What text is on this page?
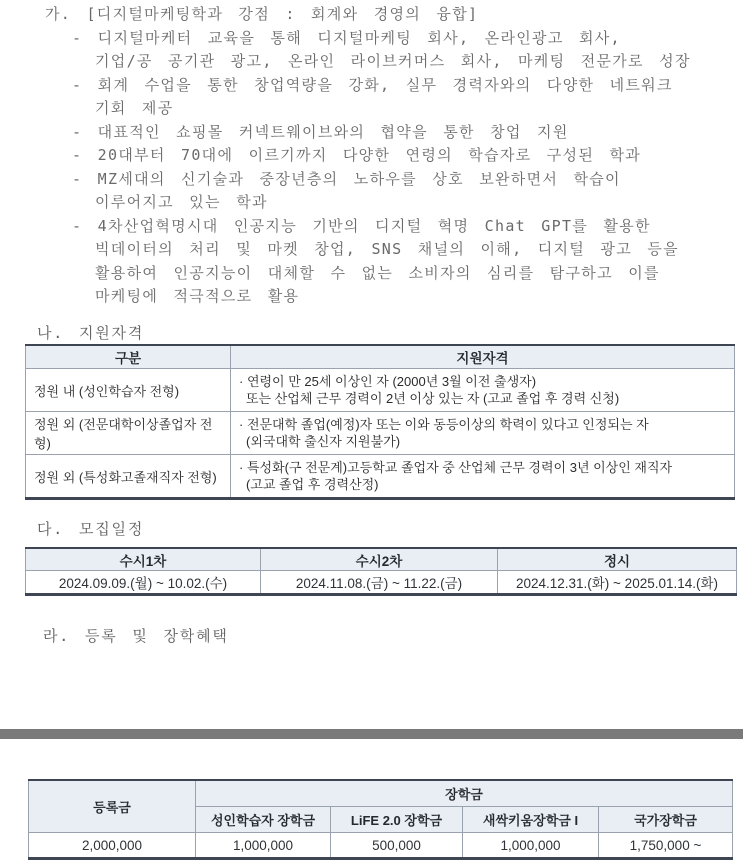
가. [디지털마케팅학과 강점 : 회계와 경영의 융합]
- 디지털마케터 교육을 통해 디지털마케팅 회사, 온라인광고 회사,
기업/공 공기관 광고, 온라인 라이브커머스 회사, 마케팅 전문가로 성장
- 회계 수업을 통한 창업역량을 강화, 실무 경력자와의 다양한 네트워크
기회 제공
- 대표적인 쇼핑몰 커넥트웨이브와의 협약을 통한 창업 지원
- 20대부터 70대에 이르기까지 다양한 연령의 학습자로 구성된 학과
- MZ세대의 신기술과 중장년층의 노하우를 상호 보완하면서 학습이
이루어지고 있는 학과
- 4차산업혁명시대 인공지능 기반의 디지털 혁명 Chat GPT를 활용한
빅데이터의 처리 및 마켓 창업, SNS 채널의 이해, 디지털 광고 등을
활용하여 인공지능이 대체할 수 없는 소비자의 심리를 탐구하고 이를
마케팅에 적극적으로 활용
나. 지원자격
구분	지원자격
정원 내 (성인학습자 전형)	· 연령이 만 25세 이상인 자 (2000년 3월 이전 출생자)
또는 산업체 근무 경력이 2년 이상 있는 자 (고교 졸업 후 경력 신청)

정원 외 (전문대학이상졸업자 전형)	· 전문대학 졸업(예정)자 또는 이와 동등이상의 학력이 있다고 인정되는 자
(외국대학 출신자 지원불가)

정원 외 (특성화고졸재직자 전형)	· 특성화(구 전문계)고등학교 졸업자 중 산업체 근무 경력이 3년 이상인 재직자
(고교 졸업 후 경력산정)
다. 모집일정
수시1차	수시2차	정시
2024.09.09.(월) ~ 10.02.(수)	2024.11.08.(금) ~ 11.22.(금)	2024.12.31.(화) ~ 2025.01.14.(화)
라. 등록 및 장학혜택
등록금	장학금			
	성인학습자 장학금	LiFE 2.0 장학금	새싹키움장학금 I	국가장학금
2,000,000	1,000,000	500,000	1,000,000	1,750,000 ~
